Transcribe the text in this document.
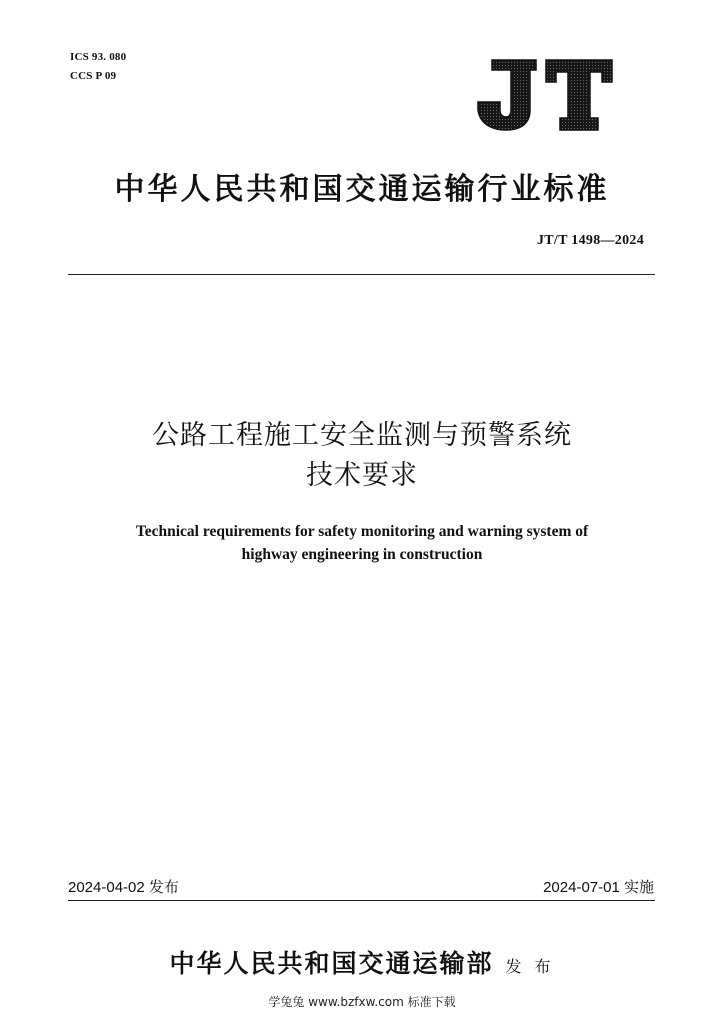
ICS 93. 080
CCS P 09
中华人民共和国交通运输行业标准
JT/T 1498—2024
公路工程施工安全监测与预警系统
技术要求
Technical requirements for safety monitoring and warning system of
highway engineering in construction
2024-04-02 发布	2024-07-01 实施
中华人民共和国交通运输部 发 布
学兔兔 www.bzfxw.com 标准下载
